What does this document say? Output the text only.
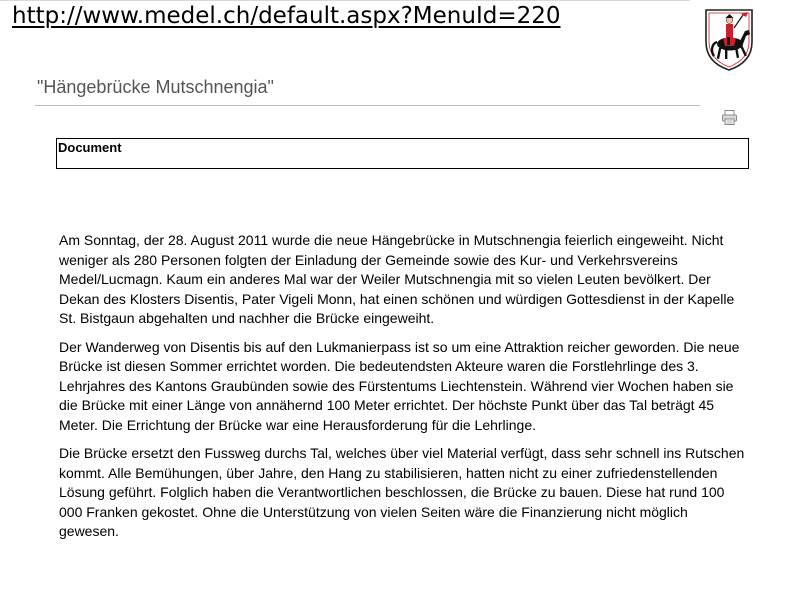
http://www.medel.ch/default.aspx?MenuId=220
"Hängebrücke Mutschnengia"
Document

Am Sonntag, der 28. August 2011 wurde die neue Hängebrücke in Mutschnengia feierlich eingeweiht. Nicht weniger als 280 Personen folgten der Einladung der Gemeinde sowie des Kur- und Verkehrsvereins Medel/Lucmagn. Kaum ein anderes Mal war der Weiler Mutschnengia mit so vielen Leuten bevölkert. Der Dekan des Klosters Disentis, Pater Vigeli Monn, hat einen schönen und würdigen Gottesdienst in der Kapelle St. Bistgaun abgehalten und nachher die Brücke eingeweiht.

Der Wanderweg von Disentis bis auf den Lukmanierpass ist so um eine Attraktion reicher geworden. Die neue Brücke ist diesen Sommer errichtet worden. Die bedeutendsten Akteure waren die Forstlehrlinge des 3. Lehrjahres des Kantons Graubünden sowie des Fürstentums Liechtenstein. Während vier Wochen haben sie die Brücke mit einer Länge von annähernd 100 Meter errichtet. Der höchste Punkt über das Tal beträgt 45 Meter. Die Errichtung der Brücke war eine Herausforderung für die Lehrlinge.

Die Brücke ersetzt den Fussweg durchs Tal, welches über viel Material verfügt, dass sehr schnell ins Rutschen kommt. Alle Bemühungen, über Jahre, den Hang zu stabilisieren, hatten nicht zu einer zufriedenstellenden Lösung geführt. Folglich haben die Verantwortlichen beschlossen, die Brücke zu bauen. Diese hat rund 100 000 Franken gekostet. Ohne die Unterstützung von vielen Seiten wäre die Finanzierung nicht möglich gewesen.
